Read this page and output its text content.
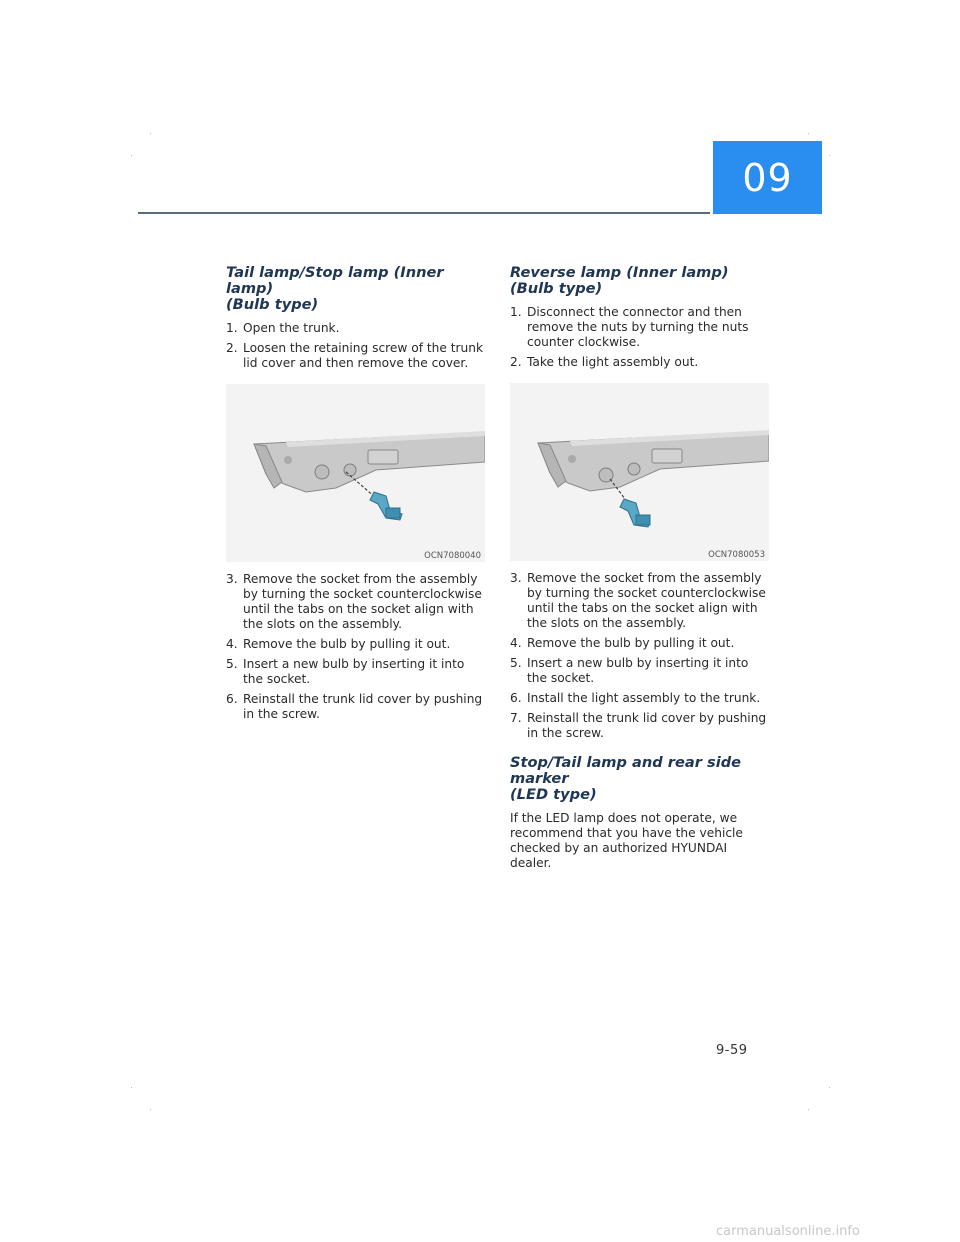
09
Tail lamp/Stop lamp (Inner lamp)
(Bulb type)
1. Open the trunk.
2. Loosen the retaining screw of the trunk lid cover and then remove the cover.
OCN7080040
3. Remove the socket from the assembly by turning the socket counterclockwise until the tabs on the socket align with the slots on the assembly.
4. Remove the bulb by pulling it out.
5. Insert a new bulb by inserting it into the socket.
6. Reinstall the trunk lid cover by pushing in the screw.
Reverse lamp (Inner lamp)
(Bulb type)
1. Disconnect the connector and then remove the nuts by turning the nuts counter clockwise.
2. Take the light assembly out.
OCN7080053
3. Remove the socket from the assembly by turning the socket counterclockwise until the tabs on the socket align with the slots on the assembly.
4. Remove the bulb by pulling it out.
5. Insert a new bulb by inserting it into the socket.
6. Install the light assembly to the trunk.
7. Reinstall the trunk lid cover by pushing in the screw.
Stop/Tail lamp and rear side marker
(LED type)

If the LED lamp does not operate, we recommend that you have the vehicle checked by an authorized HYUNDAI dealer.

9-59
carmanualsonline.info
